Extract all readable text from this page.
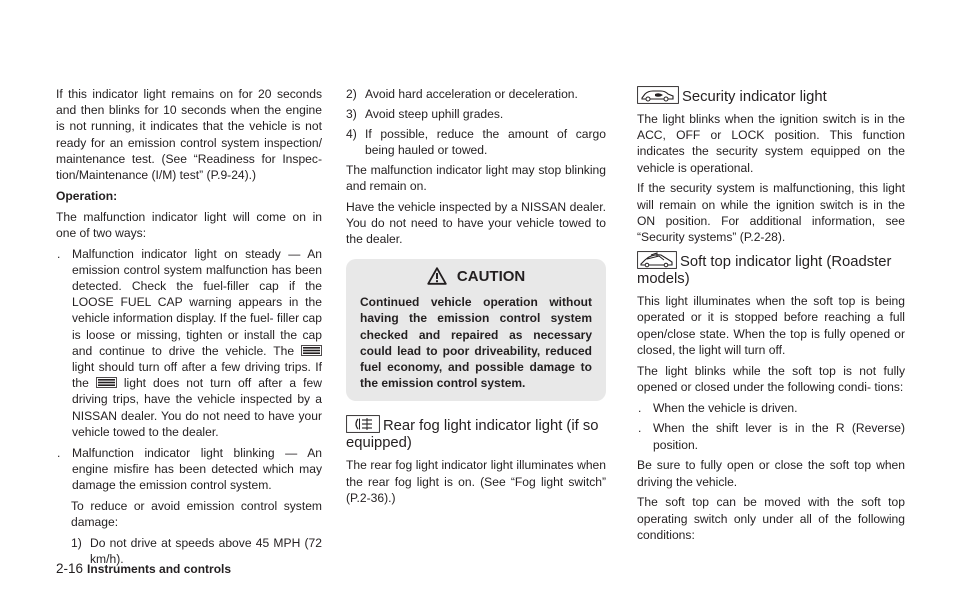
If this indicator light remains on for 20 seconds and then blinks for 10 seconds when the engine is not running, it indicates that the vehicle is not ready for an emission control system inspection/ maintenance test. (See “Readiness for Inspec- tion/Maintenance (I/M) test” (P.9-24).)

Operation:

The malfunction indicator light will come on in one of two ways:

. Malfunction indicator light on steady — An emission control system malfunction has been detected. Check the fuel-filler cap if the LOOSE FUEL CAP warning appears in the vehicle information display. If the fuel- filler cap is loose or missing, tighten or install the cap and continue to drive the vehicle. The  light should turn off after a few driving trips. If the	light does not turn off after a few driving trips, have the vehicle inspected by a NISSAN dealer. You do not need to have your vehicle towed to the dealer.
. Malfunction indicator light blinking — An engine misfire has been detected which may damage the emission control system.

To reduce or avoid emission control system damage:

1) Do not drive at speeds above 45 MPH (72 km/h).
2) Avoid hard acceleration or deceleration.
3) Avoid steep uphill grades.
4) If possible, reduce the amount of cargo being hauled or towed.

The malfunction indicator light may stop blinking and remain on.

Have the vehicle inspected by a NISSAN dealer. You do not need to have your vehicle towed to the dealer.

CAUTION
Continued vehicle operation without having the emission control system checked and repaired as necessary could lead to poor driveability, reduced fuel economy, and possible damage to the emission control system.
Rear fog light indicator light (if so equipped)

The rear fog light indicator light illuminates when the rear fog light is on. (See “Fog light switch” (P.2-36).)

Security indicator light

The light blinks when the ignition switch is in the ACC, OFF or LOCK position. This function indicates the security system equipped on the vehicle is operational.

If the security system is malfunctioning, this light will remain on while the ignition switch is in the ON position. For additional information, see “Security systems” (P.2-28).

Soft top indicator light (Roadster models)

This light illuminates when the soft top is being operated or it is stopped before reaching a full open/close state. When the top is fully opened or closed, the light will turn off.

The light blinks while the soft top is not fully opened or closed under the following condi- tions:

. When the vehicle is driven.
. When the shift lever is in the R (Reverse) position.

Be sure to fully open or close the soft top when driving the vehicle.

The soft top can be moved with the soft top operating switch only under all of the following conditions:

2-16 Instruments and controls
